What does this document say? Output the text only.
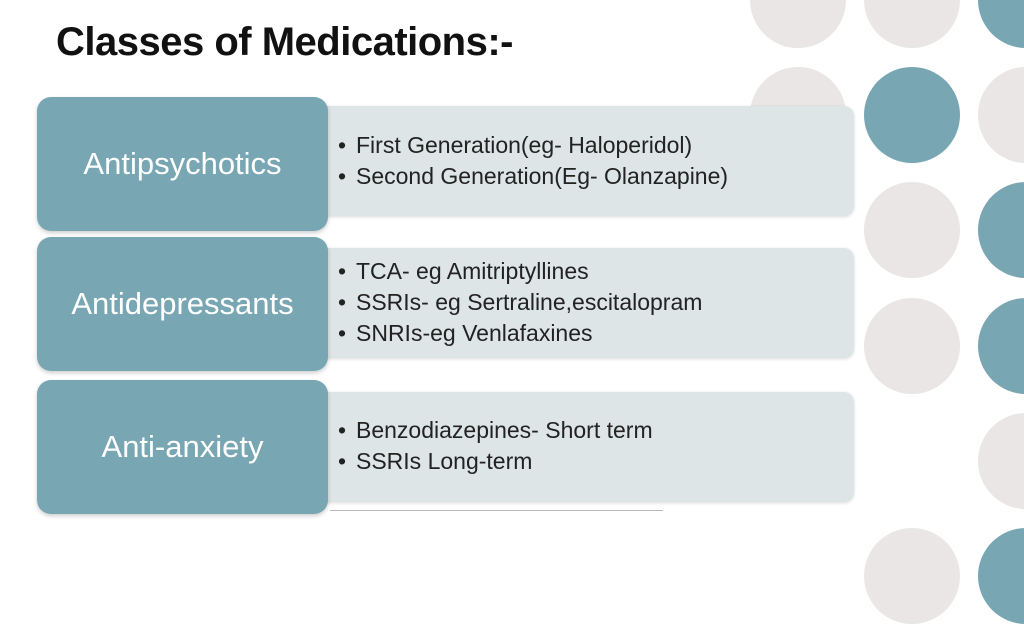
Classes of Medications:-
• First Generation(eg- Haloperidol)
• Second Generation(Eg- Olanzapine)
Antipsychotics
• TCA- eg Amitriptyllines
• SSRIs- eg Sertraline,escitalopram
• SNRIs-eg Venlafaxines
Antidepressants
• Benzodiazepines- Short term
• SSRIs Long-term
Anti-anxiety
